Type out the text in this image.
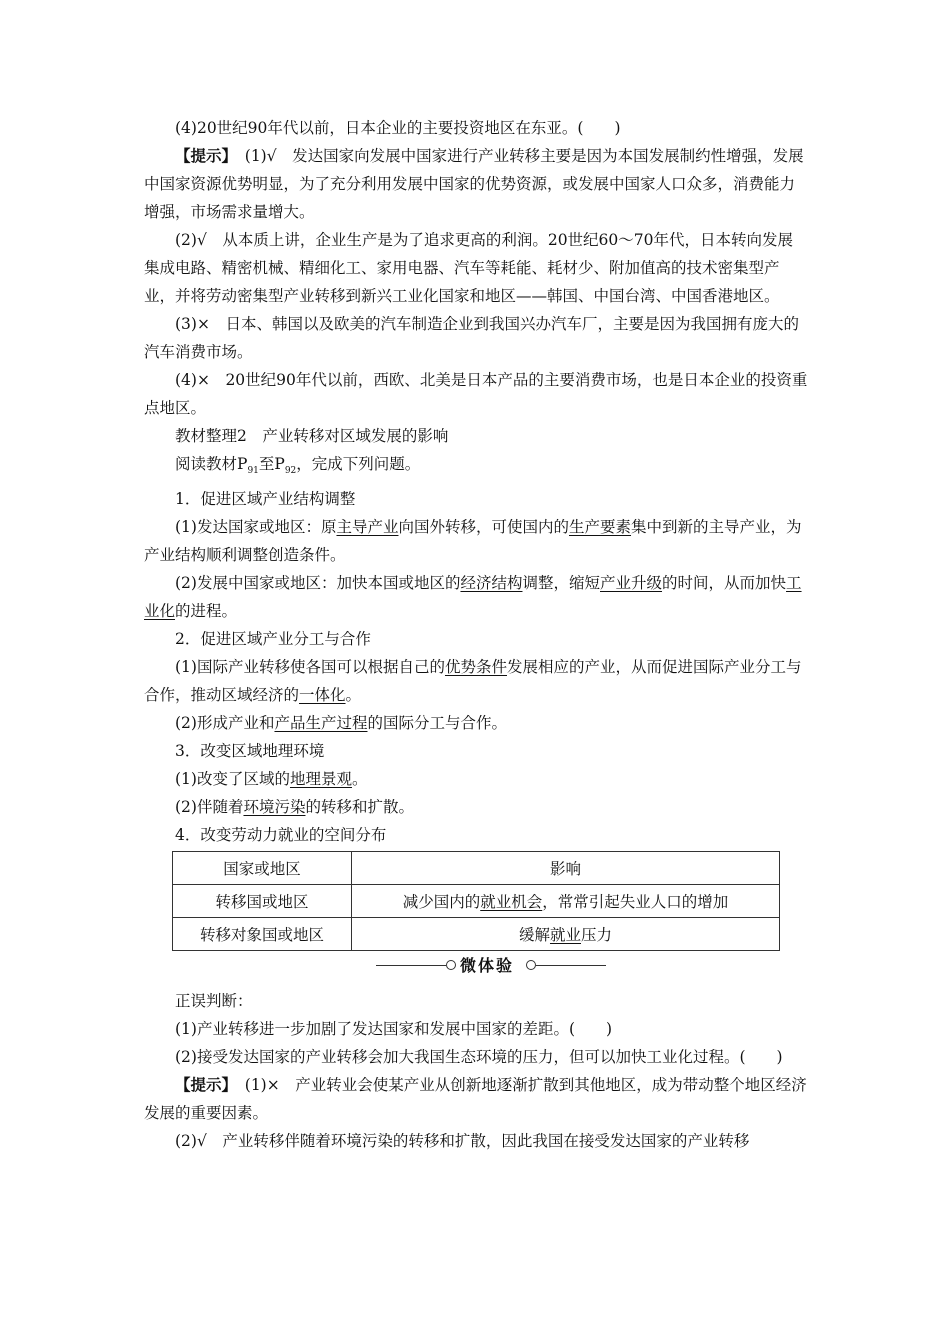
(4)20世纪90年代以前，日本企业的主要投资地区在东亚。(　　)

【提示】　(1)√　发达国家向发展中国家进行产业转移主要是因为本国发展制约性增强，发展中国家资源优势明显，为了充分利用发展中国家的优势资源，或发展中国家人口众多，消费能力增强，市场需求量增大。

(2)√　从本质上讲，企业生产是为了追求更高的利润。20世纪60～70年代，日本转向发展集成电路、精密机械、精细化工、家用电器、汽车等耗能、耗材少、附加值高的技术密集型产业，并将劳动密集型产业转移到新兴工业化国家和地区——韩国、中国台湾、中国香港地区。

(3)×　日本、韩国以及欧美的汽车制造企业到我国兴办汽车厂，主要是因为我国拥有庞大的汽车消费市场。

(4)×　20世纪90年代以前，西欧、北美是日本产品的主要消费市场，也是日本企业的投资重点地区。

教材整理2　产业转移对区域发展的影响

阅读教材$P_{91}$至$P_{92}$，完成下列问题。

1．促进区域产业结构调整

(1)发达国家或地区：原主导产业向国外转移，可使国内的生产要素集中到新的主导产业，为产业结构顺利调整创造条件。

(2)发展中国家或地区：加快本国或地区的经济结构调整，缩短产业升级的时间，从而加快工业化的进程。

2．促进区域产业分工与合作

(1)国际产业转移使各国可以根据自己的优势条件发展相应的产业，从而促进国际产业分工与合作，推动区域经济的一体化。

(2)形成产业和产品生产过程的国际分工与合作。

3．改变区域地理环境

(1)改变了区域的地理景观。

(2)伴随着环境污染的转移和扩散。

4．改变劳动力就业的空间分布

国家或地区	影响
转移国或地区	减少国内的就业机会，常常引起失业人口的增加
转移对象国或地区	缓解就业压力
微体验

正误判断：

(1)产业转移进一步加剧了发达国家和发展中国家的差距。(　　)

(2)接受发达国家的产业转移会加大我国生态环境的压力，但可以加快工业化过程。(　　)

【提示】　(1)×　产业转业会使某产业从创新地逐渐扩散到其他地区，成为带动整个地区经济发展的重要因素。

(2)√　产业转移伴随着环境污染的转移和扩散，因此我国在接受发达国家的产业转移
